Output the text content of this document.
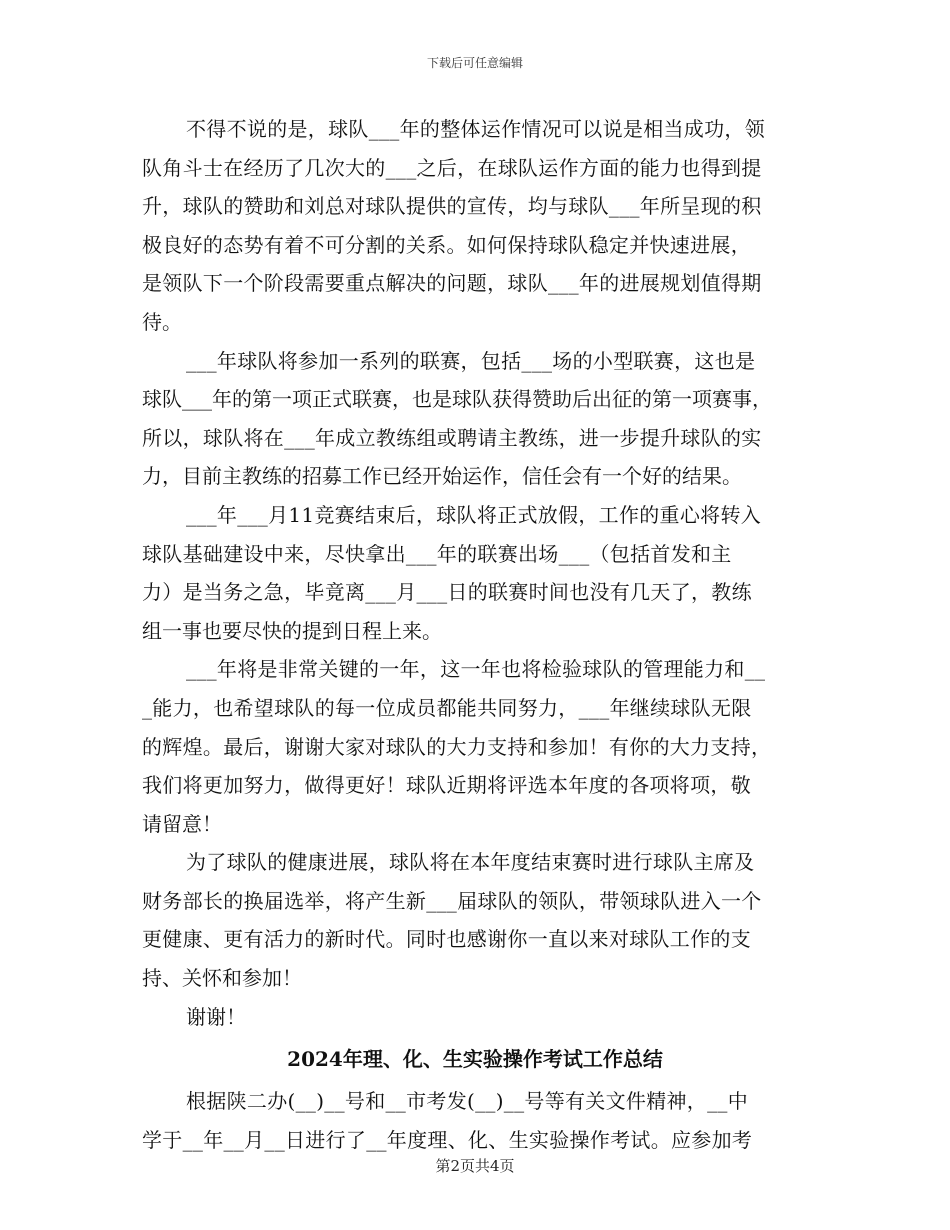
下载后可任意编辑
不得不说的是，球队___年的整体运作情况可以说是相当成功，领
队角斗士在经历了几次大的___之后，在球队运作方面的能力也得到提
升，球队的赞助和刘总对球队提供的宣传，均与球队___年所呈现的积
极良好的态势有着不可分割的关系。如何保持球队稳定并快速进展，
是领队下一个阶段需要重点解决的问题，球队___年的进展规划值得期
待。
___年球队将参加一系列的联赛，包括___场的小型联赛，这也是
球队___年的第一项正式联赛，也是球队获得赞助后出征的第一项赛事，
所以，球队将在___年成立教练组或聘请主教练，进一步提升球队的实
力，目前主教练的招募工作已经开始运作，信任会有一个好的结果。
___年___月11竞赛结束后，球队将正式放假，工作的重心将转入
球队基础建设中来，尽快拿出___年的联赛出场___（包括首发和主
力）是当务之急，毕竟离___月___日的联赛时间也没有几天了，教练
组一事也要尽快的提到日程上来。
___年将是非常关键的一年，这一年也将检验球队的管理能力和__
_能力，也希望球队的每一位成员都能共同努力，___年继续球队无限
的辉煌。最后，谢谢大家对球队的大力支持和参加！有你的大力支持，
我们将更加努力，做得更好！球队近期将评选本年度的各项将项，敬
请留意！
为了球队的健康进展，球队将在本年度结束赛时进行球队主席及
财务部长的换届选举，将产生新___届球队的领队，带领球队进入一个
更健康、更有活力的新时代。同时也感谢你一直以来对球队工作的支
持、关怀和参加！
谢谢！
2024年理、化、生实验操作考试工作总结
根据陕二办(__)__号和__市考发(__)__号等有关文件精神，__中
学于__年__月__日进行了__年度理、化、生实验操作考试。应参加考
第2页共4页
